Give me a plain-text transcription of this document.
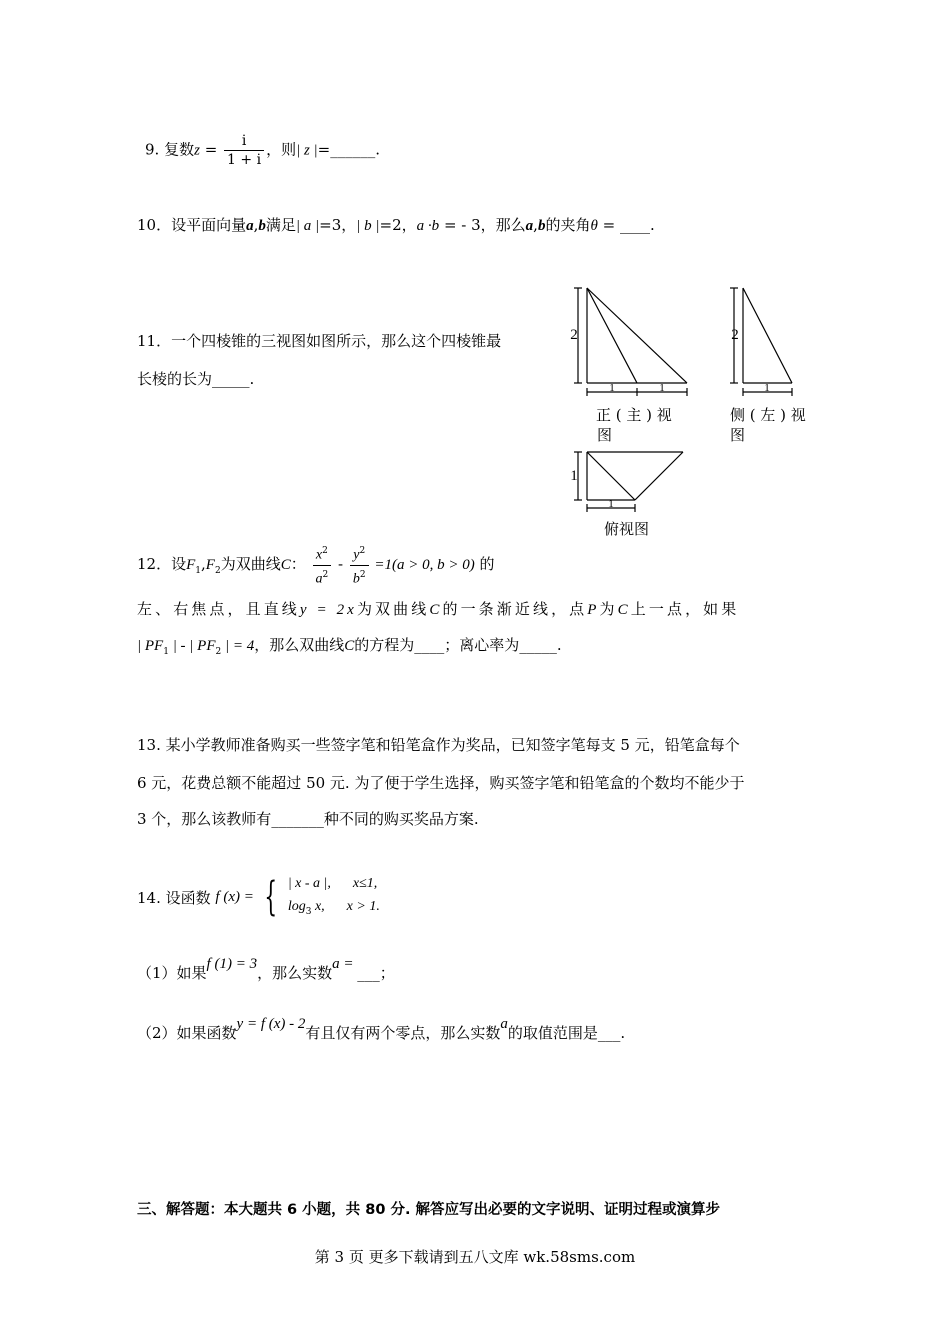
9. 复数$z = \frac{i}{1 + i}$ ，则| z |=______.
10．设平面向量a,b满足| a |=3，| b |=2，a ·b = - 3，那么a,b的夹角θ = ____.
11．一个四棱锥的三视图如图所示，那么这个四棱锥最
长棱的长为_____.
2
1	1
正 ( 主 ) 视
图
2
1
侧 ( 左 ) 视
图
1
1
俯视图
12．设$F_1,F_2$为双曲线C： $\frac{x^2}{a^2} - \frac{y^2}{b^2} =1(a > 0$, b > 0) 的
左、右焦点，且直线y = 2x为双曲线C的一条渐近线，点P为C上一点，如果
| $PF_1$ | - | $PF_2$ | = 4，那么双曲线C的方程为____；离心率为_____.
13. 某小学教师准备购买一些签字笔和铅笔盒作为奖品，已知签字笔每支 5 元，铅笔盒每个
6 元，花费总额不能超过 50 元. 为了便于学生选择，购买签字笔和铅笔盒的个数均不能少于
3 个，那么该教师有_______种不同的购买奖品方案.
14. 设函数 f (x) = { | x - a |, x≤1,
$\log_3 x$, x > 1.
（1）如果f (1) = 3，那么实数a = ___；
（2）如果函数y = f (x) - 2有且仅有两个零点，那么实数a的取值范围是___.
三、解答题：本大题共 6 小题，共 80 分. 解答应写出必要的文字说明、证明过程或演算步
第 3 页 更多下载请到五八文库 wk.58sms.com
